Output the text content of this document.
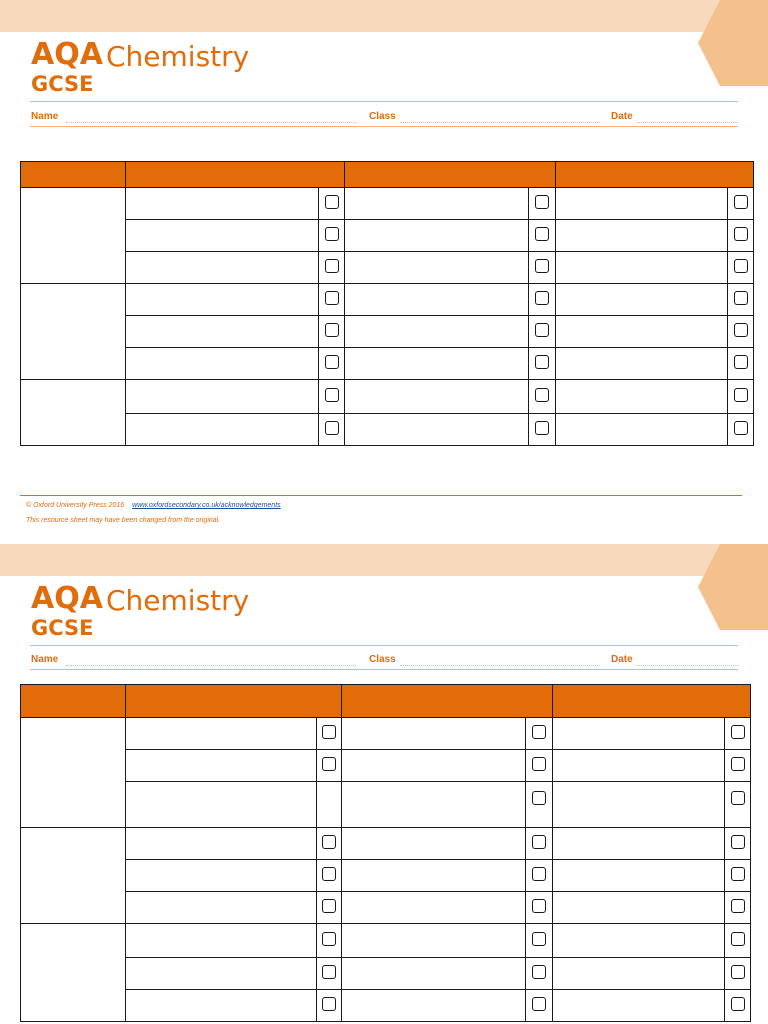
AQA Chemistry
GCSE
Name	Class	Date

© Oxford University Press 2016 www.oxfordsecondary.co.uk/acknowledgements
This resource sheet may have been changed from the original.
AQA Chemistry
GCSE
Name	Class	Date
